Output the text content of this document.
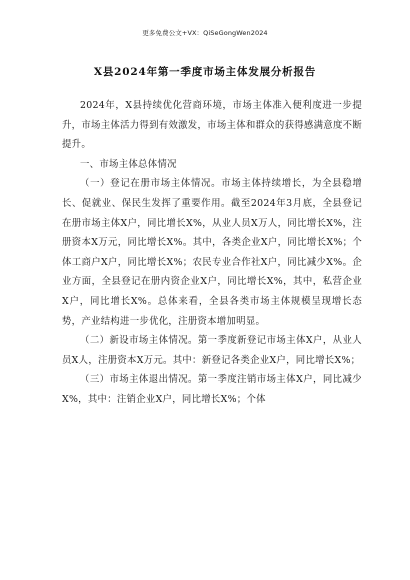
更多免费公文+VX：QiSeGongWen2024
X县2024年第一季度市场主体发展分析报告

2024年，X县持续优化营商环境，市场主体准入便利度进一步提升，市场主体活力得到有效激发，市场主体和群众的获得感满意度不断提升。

一、市场主体总体情况

（一）登记在册市场主体情况。市场主体持续增长，为全县稳增长、促就业、保民生发挥了重要作用。截至2024年3月底，全县登记在册市场主体X户，同比增长X%，从业人员X万人，同比增长X%，注册资本X万元，同比增长X%。其中，各类企业X户，同比增长X%；个体工商户X户，同比增长X%；农民专业合作社X户，同比减少X%。企业方面，全县登记在册内资企业X户，同比增长X%，其中，私营企业X户，同比增长X%。总体来看，全县各类市场主体规模呈现增长态势，产业结构进一步优化，注册资本增加明显。

（二）新设市场主体情况。第一季度新登记市场主体X户，从业人员X人，注册资本X万元。其中：新登记各类企业X户，同比增长X%；

（三）市场主体退出情况。第一季度注销市场主体X户，同比减少X%，其中：注销企业X户，同比增长X%；个体
